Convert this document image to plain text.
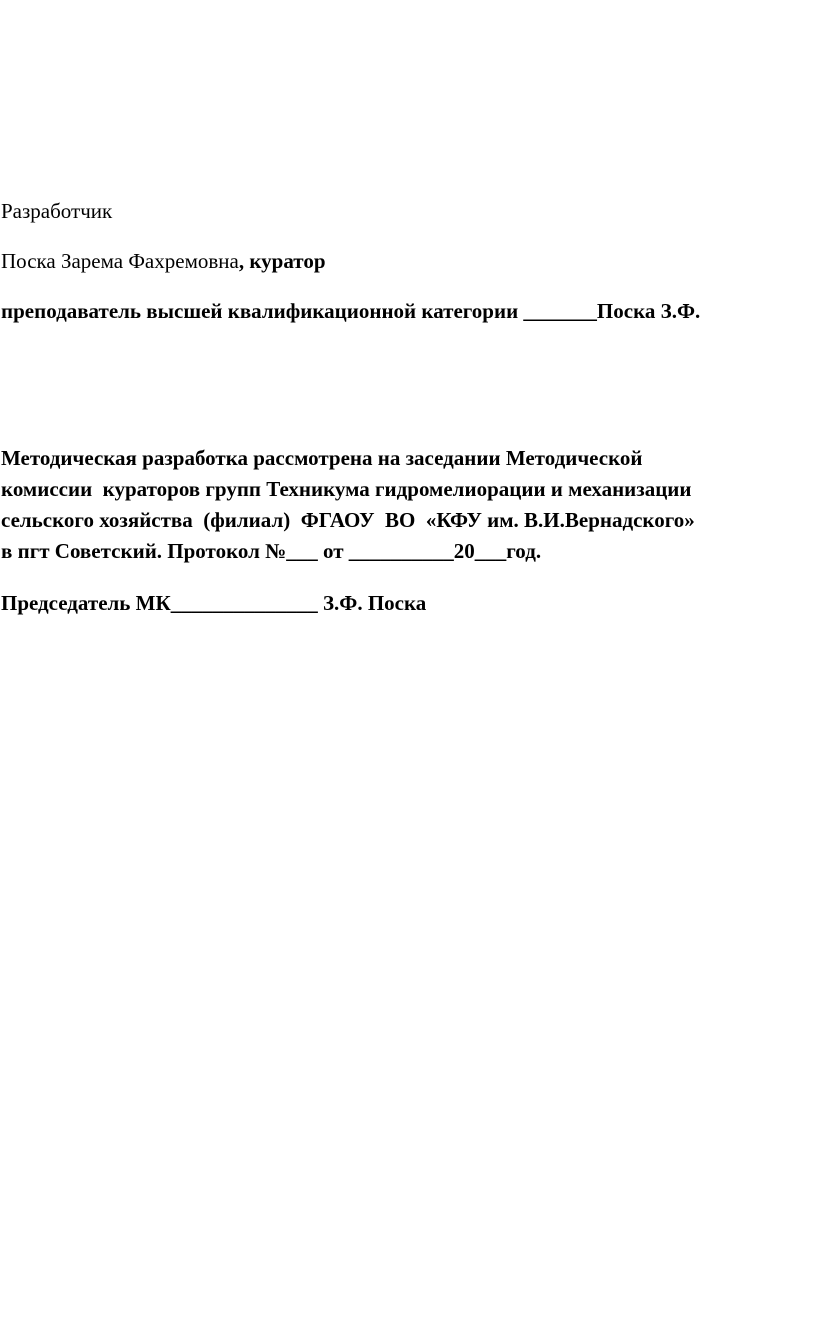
Разработчик
Поска Зарема Фахремовна, куратор
преподаватель высшей квалификационной категории _______Поска З.Ф.
Методическая разработка рассмотрена на заседании Методической
комиссии  кураторов групп Техникума гидромелиорации и механизации
сельского хозяйства  (филиал)  ФГАОУ  ВО  «КФУ им. В.И.Вернадского»
в пгт Советский. Протокол №___ от __________20___год.
Председатель МК______________ З.Ф. Поска
